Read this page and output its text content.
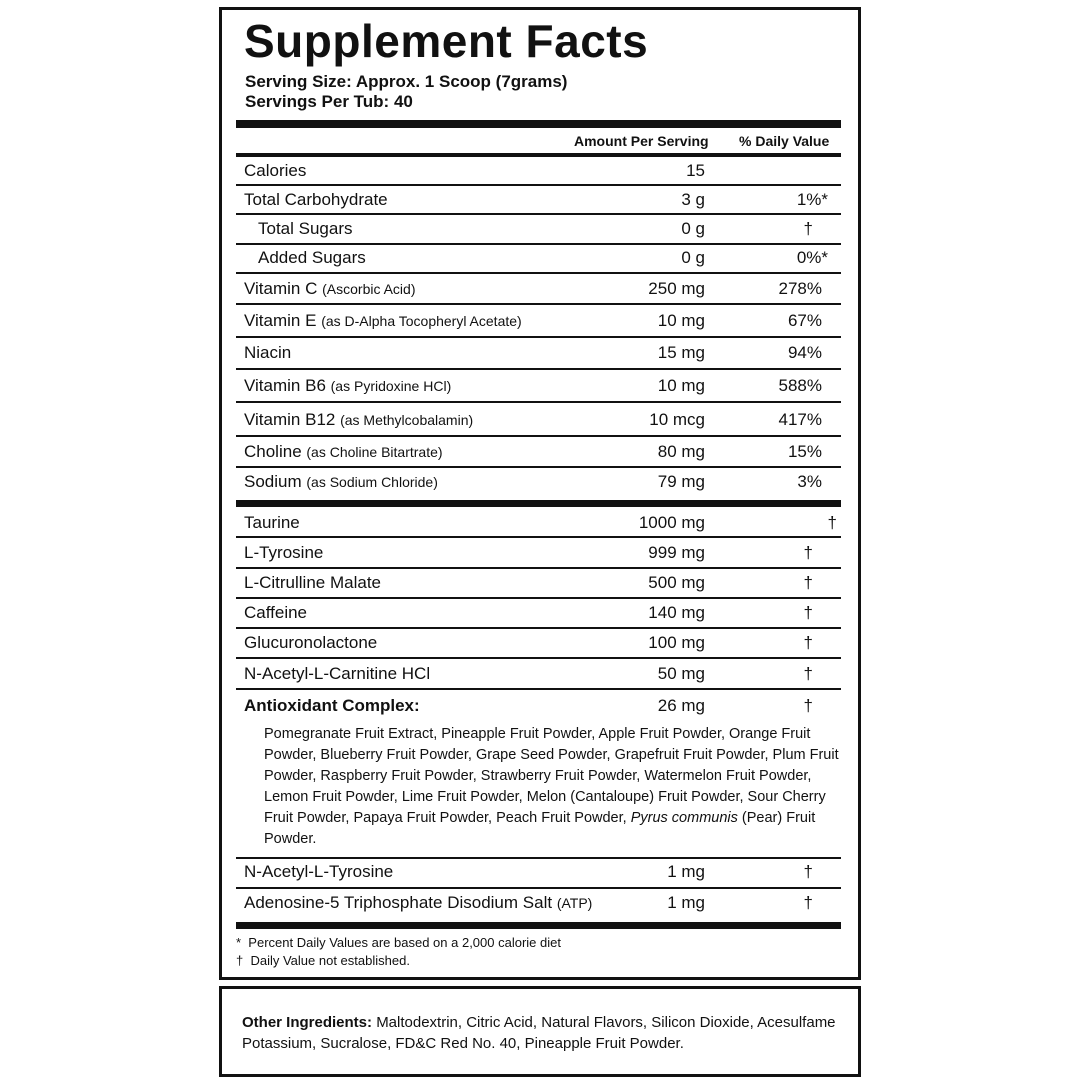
Supplement Facts
Serving Size: Approx. 1 Scoop (7grams)
Servings Per Tub: 40
Amount Per Serving % Daily Value
Calories	15
Total Carbohydrate	3 g	1%*
Total Sugars	0 g	†
Added Sugars	0 g	0%*
Vitamin C (Ascorbic Acid)	250 mg	278%
Vitamin E (as D-Alpha Tocopheryl Acetate)	10 mg	67%
Niacin	15 mg	94%
Vitamin B6 (as Pyridoxine HCl)	10 mg	588%
Vitamin B12 (as Methylcobalamin)	10 mcg	417%
Choline (as Choline Bitartrate)	80 mg	15%
Sodium (as Sodium Chloride)	79 mg	3%
Taurine	1000 mg	†
L-Tyrosine	999 mg	†
L-Citrulline Malate	500 mg	†
Caffeine	140 mg	†
Glucuronolactone	100 mg	†
N-Acetyl-L-Carnitine HCl	50 mg	†
Antioxidant Complex:	26 mg	†
Pomegranate Fruit Extract, Pineapple Fruit Powder, Apple Fruit Powder, Orange Fruit Powder, Blueberry Fruit Powder, Grape Seed Powder, Grapefruit Fruit Powder, Plum Fruit Powder, Raspberry Fruit Powder, Strawberry Fruit Powder, Watermelon Fruit Powder, Lemon Fruit Powder, Lime Fruit Powder, Melon (Cantaloupe) Fruit Powder, Sour Cherry Fruit Powder, Papaya Fruit Powder, Peach Fruit Powder, Pyrus communis (Pear) Fruit Powder.
N-Acetyl-L-Tyrosine	1 mg	†
Adenosine-5 Triphosphate Disodium Salt (ATP)	1 mg	†
* Percent Daily Values are based on a 2,000 calorie diet
† Daily Value not established.
Other Ingredients: Maltodextrin, Citric Acid, Natural Flavors, Silicon Dioxide, Acesulfame Potassium, Sucralose, FD&C Red No. 40, Pineapple Fruit Powder.
